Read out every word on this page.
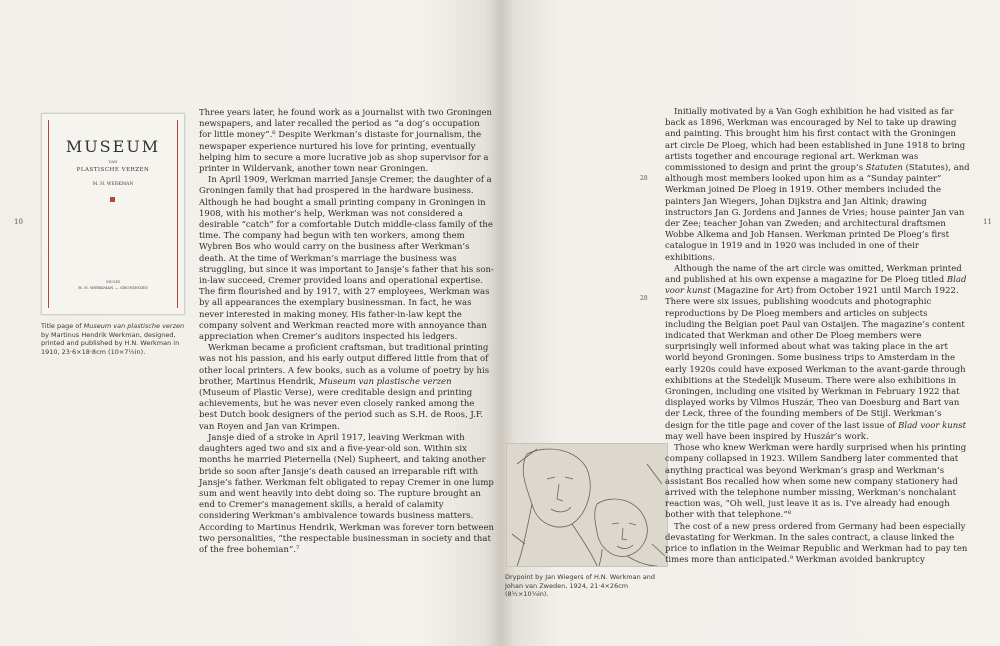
10	11
MUSEUM
VAN
PLASTISCHE VERZEN
M. H. WERKMAN
MCMX
H. N. WERKMAN — GRONINGEN
Title page of Museum van plastische verzen by Martinus Hendrik Werkman, designed, printed and published by H.N. Werkman in 1910, 23·6×18·8cm (10×7½in).

Three years later, he found work as a journalist with two Groningen newspapers, and later recalled the period as “a dog’s occupation for little money”.⁶ Despite Werkman’s distaste for journalism, the newspaper experience nurtured his love for printing, eventually helping him to secure a more lucrative job as shop supervisor for a printer in Wildervank, another town near Groningen.

In April 1909, Werkman married Jansje Cremer, the daughter of a Groningen family that had prospered in the hardware business. Although he had bought a small printing company in Groningen in 1908, with his mother’s help, Werkman was not considered a desirable “catch” for a comfortable Dutch middle-class family of the time. The company had begun with ten workers, among them Wybren Bos who would carry on the business after Werkman’s death. At the time of Werkman’s marriage the business was struggling, but since it was important to Jansje’s father that his son-in-law succeed, Cremer provided loans and operational expertise. The firm flourished and by 1917, with 27 employees, Werkman was by all appearances the exemplary businessman. In fact, he was never interested in making money. His father-in-law kept the company solvent and Werkman reacted more with annoyance than appreciation when Cremer’s auditors inspected his ledgers.

Werkman became a proficient craftsman, but traditional printing was not his passion, and his early output differed little from that of other local printers. A few books, such as a volume of poetry by his brother, Martinus Hendrik, Museum van plastische verzen (Museum of Plastic Verse), were creditable design and printing achievements, but he was never even closely ranked among the best Dutch book designers of the period such as S.H. de Roos, J.F. van Royen and Jan van Krimpen.

Jansje died of a stroke in April 1917, leaving Werkman with daughters aged two and six and a five-year-old son. Within six months he married Pieternella (Nel) Supheert, and taking another bride so soon after Jansje’s death caused an irreparable rift with Jansje’s father. Werkman felt obligated to repay Cremer in one lump sum and went heavily into debt doing so. The rupture brought an end to Cremer’s management skills, a herald of calamity considering Werkman’s ambivalence towards business matters. According to Martinus Hendrik, Werkman was forever torn between two personalities, “the respectable businessman in society and that of the free bohemian”.⁷

28
28
Drypoint by Jan Wiegers of H.N. Werkman and Johan van Zweden, 1924, 21·4×26cm (8½×10¼in).

Initially motivated by a Van Gogh exhibition he had visited as far back as 1896, Werkman was encouraged by Nel to take up drawing and painting. This brought him his first contact with the Groningen art circle De Ploeg, which had been established in June 1918 to bring artists together and encourage regional art. Werkman was commissioned to design and print the group’s Statuten (Statutes), and although most members looked upon him as a “Sunday painter” Werkman joined De Ploeg in 1919. Other members included the painters Jan Wiegers, Johan Dijkstra and Jan Altink; drawing instructors Jan G. Jordens and Jannes de Vries; house painter Jan van der Zee; teacher Johan van Zweden; and architectural draftsmen Wobbe Alkema and Job Hansen. Werkman printed De Ploeg’s first catalogue in 1919 and in 1920 was included in one of their exhibitions.

Although the name of the art circle was omitted, Werkman printed and published at his own expense a magazine for De Ploeg titled Blad voor kunst (Magazine for Art) from October 1921 until March 1922. There were six issues, publishing woodcuts and photographic reproductions by De Ploeg members and articles on subjects including the Belgian poet Paul van Ostaijen. The magazine’s content indicated that Werkman and other De Ploeg members were surprisingly well informed about what was taking place in the art world beyond Groningen. Some business trips to Amsterdam in the early 1920s could have exposed Werkman to the avant-garde through exhibitions at the Stedelijk Museum. There were also exhibitions in Groningen, including one visited by Werkman in February 1922 that displayed works by Vilmos Huszár, Theo van Doesburg and Bart van der Leck, three of the founding members of De Stijl. Werkman’s design for the title page and cover of the last issue of Blad voor kunst may well have been inspired by Huszár’s work.

Those who knew Werkman were hardly surprised when his printing company collapsed in 1923. Willem Sandberg later commented that anything practical was beyond Werkman’s grasp and Werkman’s assistant Bos recalled how when some new company stationery had arrived with the telephone number missing, Werkman’s nonchalant reaction was, “Oh well, just leave it as is. I’ve already had enough bother with that telephone.”⁸

The cost of a new press ordered from Germany had been especially devastating for Werkman. In the sales contract, a clause linked the price to inflation in the Weimar Republic and Werkman had to pay ten times more than anticipated.⁹ Werkman avoided bankruptcy
